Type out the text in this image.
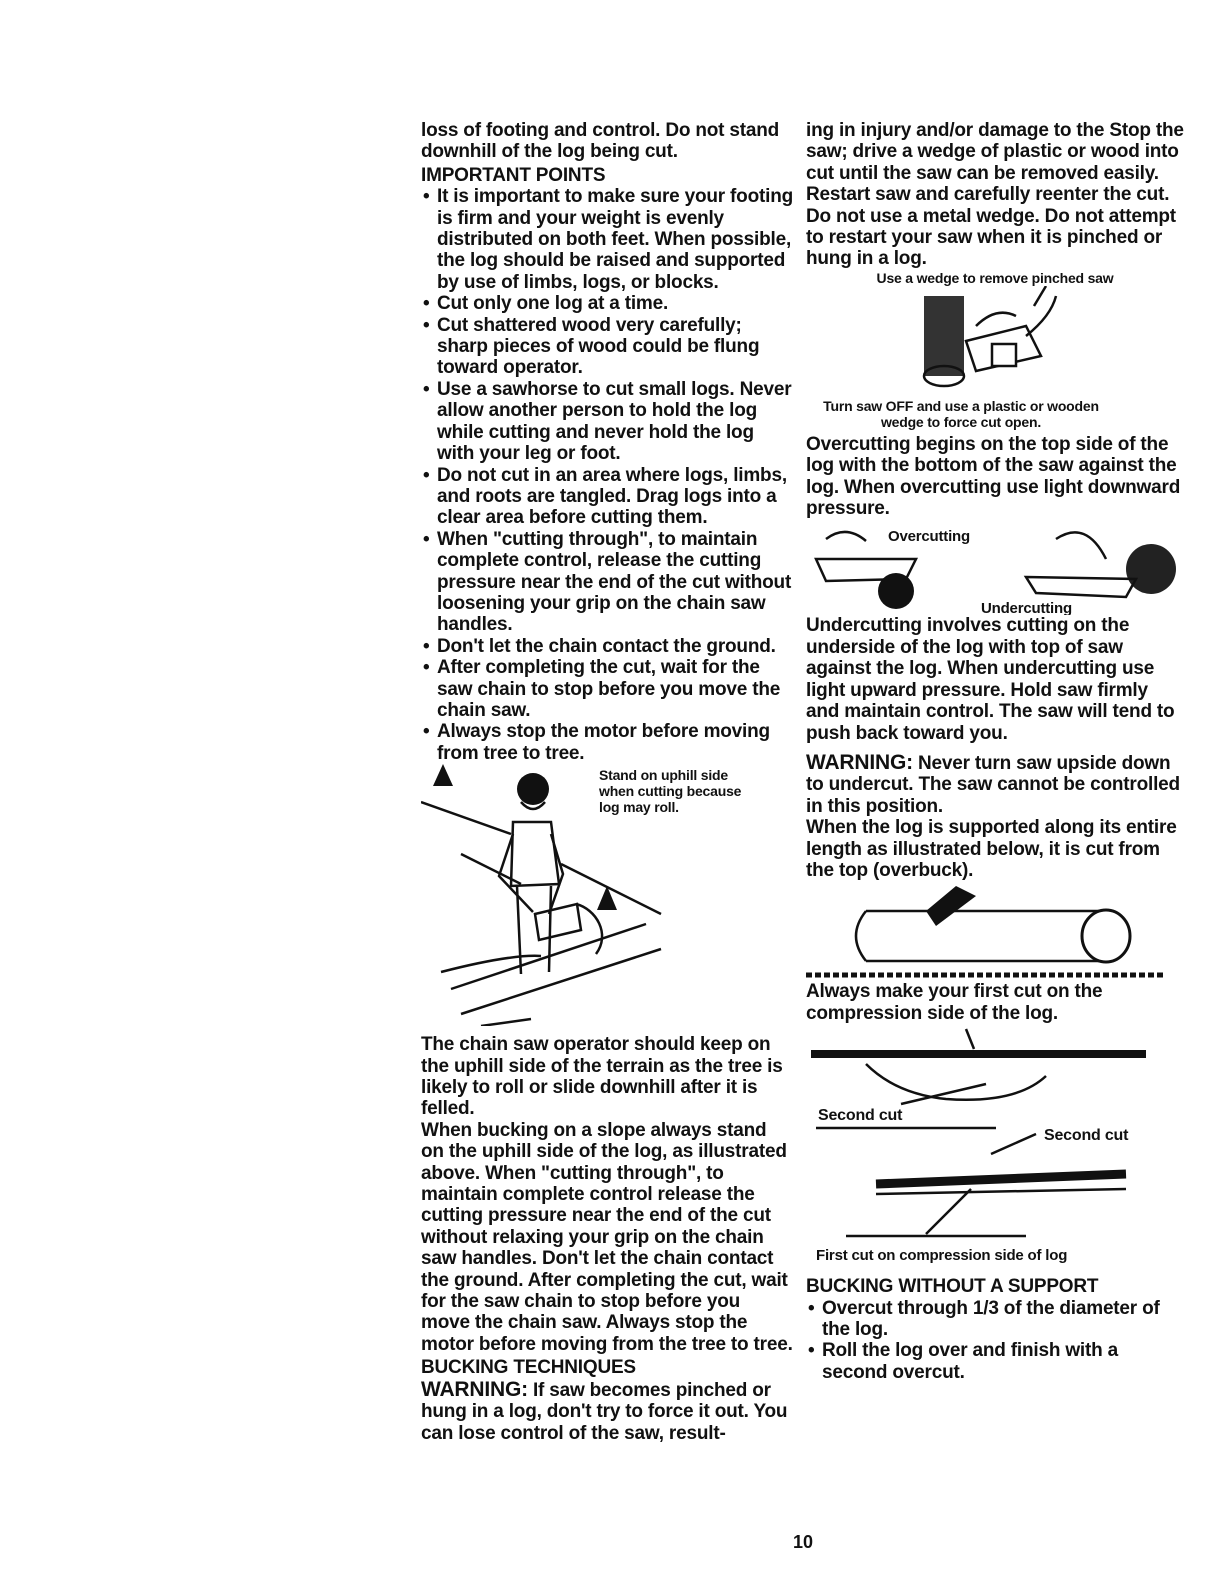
loss of footing and control. Do not stand downhill of the log being cut.

IMPORTANT POINTS
• It is important to make sure your footing is firm and your weight is evenly distributed on both feet. When possible, the log should be raised and supported by use of limbs, logs, or blocks.
• Cut only one log at a time.
• Cut shattered wood very carefully; sharp pieces of wood could be flung toward operator.
• Use a sawhorse to cut small logs. Never allow another person to hold the log while cutting and never hold the log with your leg or foot.
• Do not cut in an area where logs, limbs, and roots are tangled. Drag logs into a clear area before cutting them.
• When "cutting through", to maintain complete control, release the cutting pressure near the end of the cut without loosening your grip on the chain saw handles.
• Don't let the chain contact the ground.
• After completing the cut, wait for the saw chain to stop before you move the chain saw.
• Always stop the motor before moving from tree to tree.
Stand on uphill side
when cutting because
log may roll.

The chain saw operator should keep on the uphill side of the terrain as the tree is likely to roll or slide downhill after it is felled.

When bucking on a slope always stand on the uphill side of the log, as illustrated above. When "cutting through", to maintain complete control release the cutting pressure near the end of the cut without relaxing your grip on the chain saw handles. Don't let the chain contact the ground. After completing the cut, wait for the saw chain to stop before you move the chain saw. Always stop the motor before moving from the tree to tree.

BUCKING TECHNIQUES

WARNING: If saw becomes pinched or hung in a log, don't try to force it out. You can lose control of the saw, result-

ing in injury and/or damage to the Stop the saw; drive a wedge of plastic or wood into cut until the saw can be removed easily. Restart saw and carefully reenter the cut. Do not use a metal wedge. Do not attempt to restart your saw when it is pinched or hung in a log.

Use a wedge to remove pinched saw
Turn saw OFF and use a plastic or wooden wedge to force cut open.

Overcutting begins on the top side of the log with the bottom of the saw against the log. When overcutting use light downward pressure.

Overcutting
Undercutting

Undercutting involves cutting on the underside of the log with top of saw against the log. When undercutting use light upward pressure. Hold saw firmly and maintain control. The saw will tend to push back toward you.

WARNING: Never turn saw upside down to undercut. The saw cannot be controlled in this position.

When the log is supported along its entire length as illustrated below, it is cut from the top (overbuck).

Always make your first cut on the compression side of the log.

Second cut
Second cut
First cut on compression side of log
BUCKING WITHOUT A SUPPORT
• Overcut through 1/3 of the diameter of the log.
• Roll the log over and finish with a second overcut.
10
